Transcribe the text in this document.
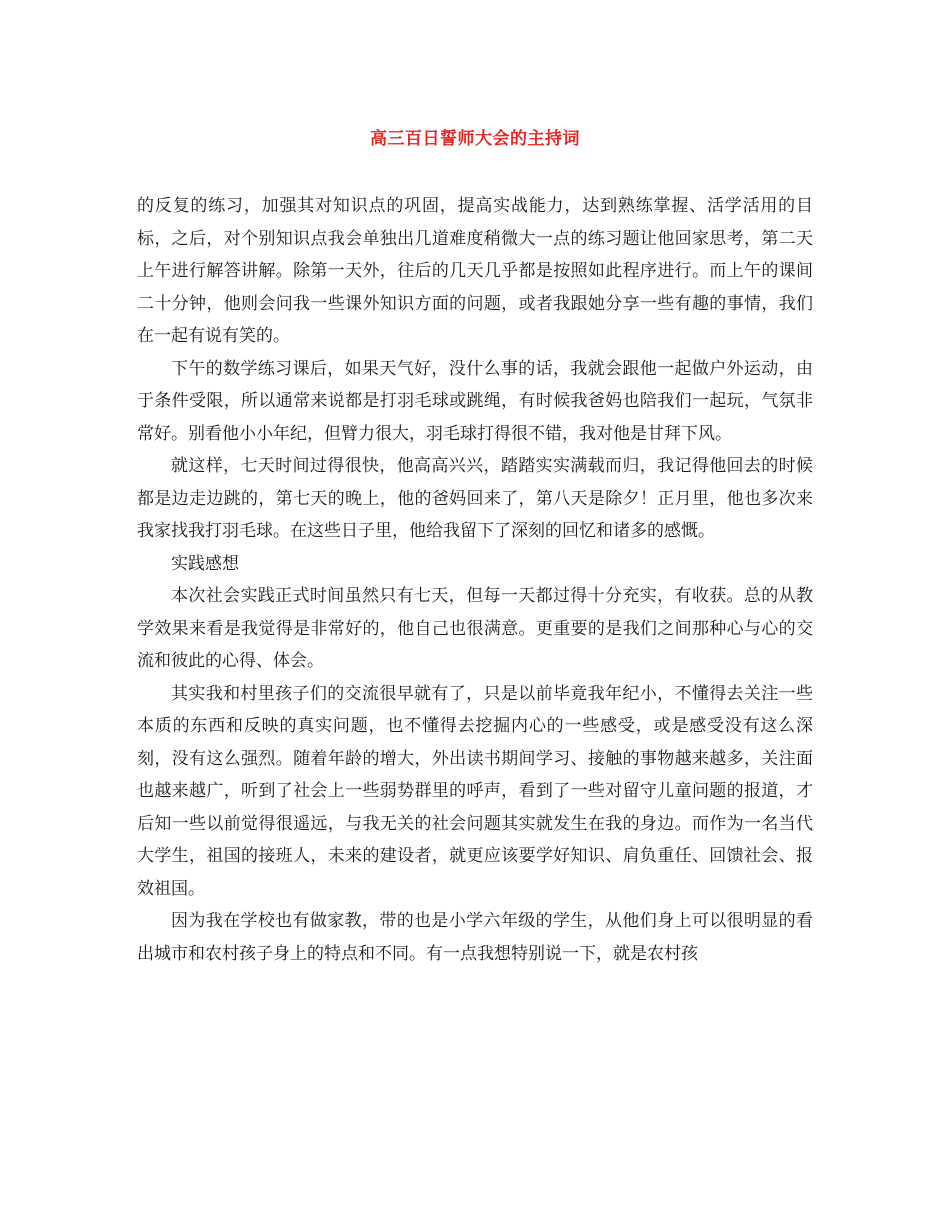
高三百日誓师大会的主持词

的反复的练习，加强其对知识点的巩固，提高实战能力，达到熟练掌握、活学活用的目标，之后，对个别知识点我会单独出几道难度稍微大一点的练习题让他回家思考，第二天上午进行解答讲解。除第一天外，往后的几天几乎都是按照如此程序进行。而上午的课间二十分钟，他则会问我一些课外知识方面的问题，或者我跟她分享一些有趣的事情，我们在一起有说有笑的。

下午的数学练习课后，如果天气好，没什么事的话，我就会跟他一起做户外运动，由于条件受限，所以通常来说都是打羽毛球或跳绳，有时候我爸妈也陪我们一起玩，气氛非常好。别看他小小年纪，但臂力很大，羽毛球打得很不错，我对他是甘拜下风。

就这样，七天时间过得很快，他高高兴兴，踏踏实实满载而归，我记得他回去的时候都是边走边跳的，第七天的晚上，他的爸妈回来了，第八天是除夕！正月里，他也多次来我家找我打羽毛球。在这些日子里，他给我留下了深刻的回忆和诸多的感慨。

实践感想

本次社会实践正式时间虽然只有七天，但每一天都过得十分充实，有收获。总的从教学效果来看是我觉得是非常好的，他自己也很满意。更重要的是我们之间那种心与心的交流和彼此的心得、体会。

其实我和村里孩子们的交流很早就有了，只是以前毕竟我年纪小，不懂得去关注一些本质的东西和反映的真实问题，也不懂得去挖掘内心的一些感受，或是感受没有这么深刻，没有这么强烈。随着年龄的增大，外出读书期间学习、接触的事物越来越多，关注面也越来越广，听到了社会上一些弱势群里的呼声，看到了一些对留守儿童问题的报道，才后知一些以前觉得很遥远，与我无关的社会问题其实就发生在我的身边。而作为一名当代大学生，祖国的接班人，未来的建设者，就更应该要学好知识、肩负重任、回馈社会、报效祖国。

因为我在学校也有做家教，带的也是小学六年级的学生，从他们身上可以很明显的看出城市和农村孩子身上的特点和不同。有一点我想特别说一下，就是农村孩
